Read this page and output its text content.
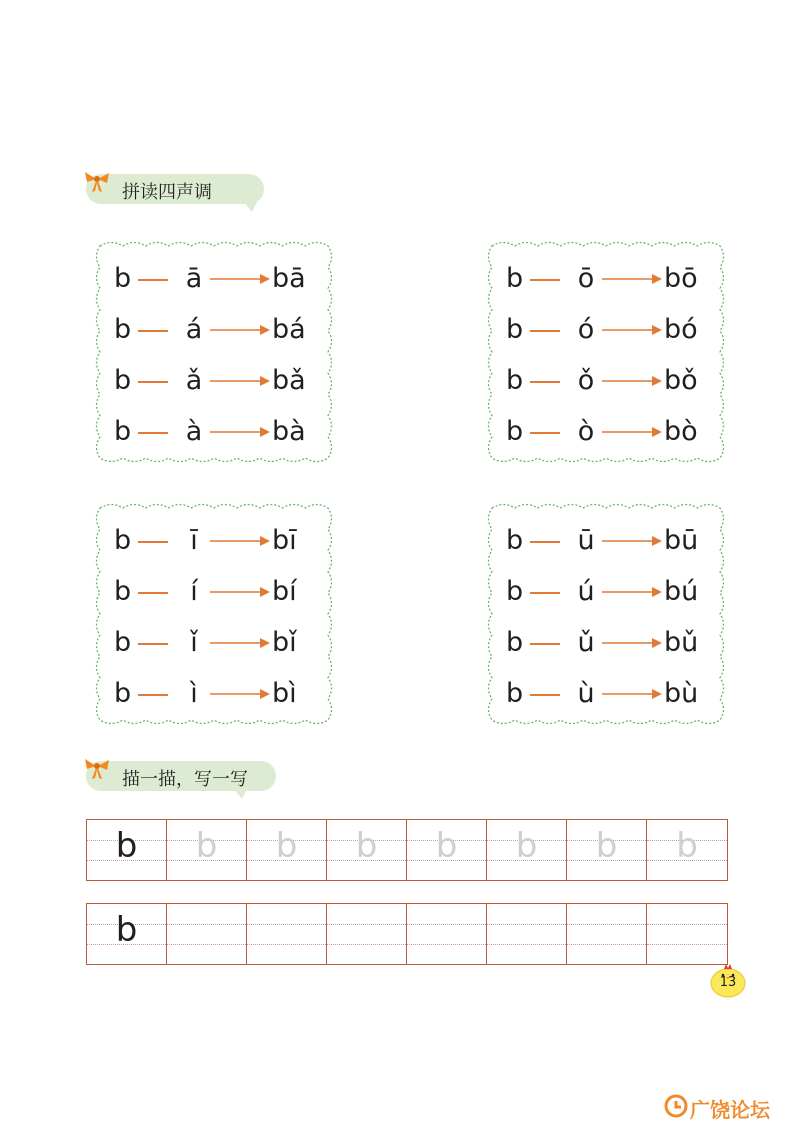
拼读四声调
b ā	bā
b á	bá
b ǎ	bǎ
b à	bà
b ō	bō
b ó	bó
b ǒ	bǒ
b ò	bò
b	ī	bī
b	í	bí
b	ǐ	bǐ
b	ì	bì
b ū	bū
b ú	bú
b ǔ	bǔ
b ù	bù
描一描，写一写
b	b	b	b	b	b	b	b
b
13
广饶论坛
